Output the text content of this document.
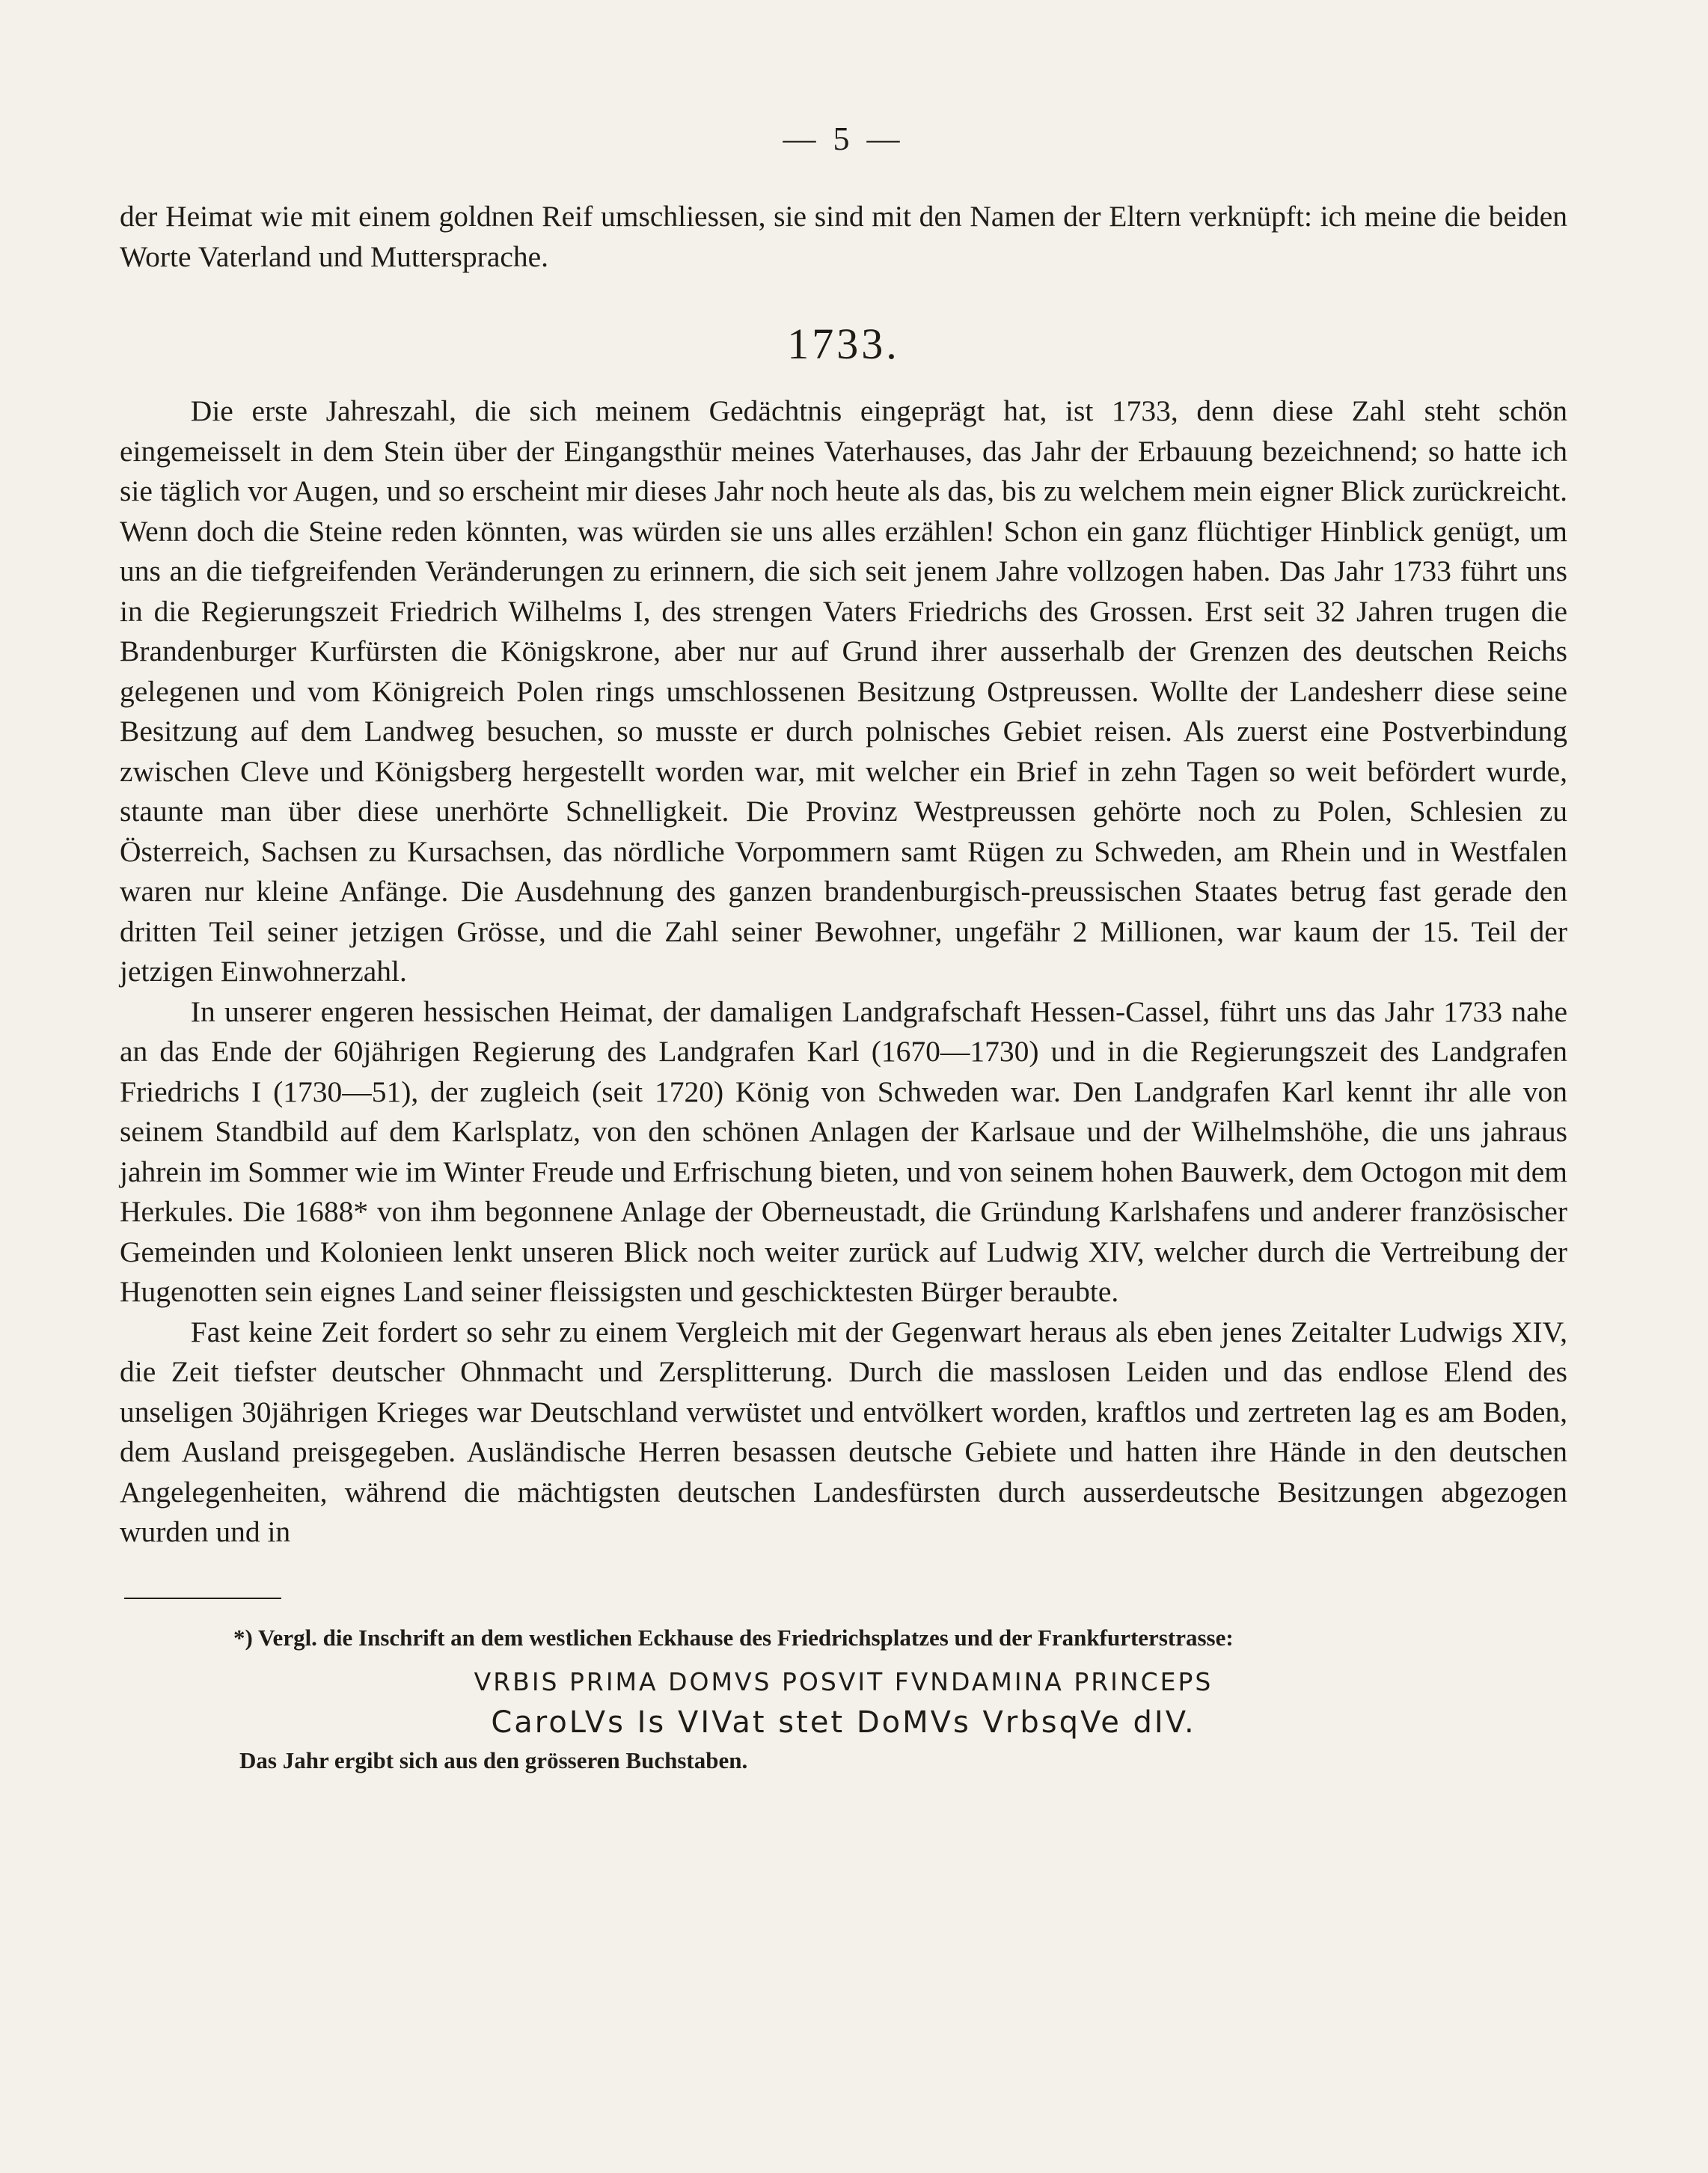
— 5 —

der Heimat wie mit einem goldnen Reif umschliessen, sie sind mit den Namen der Eltern verknüpft: ich meine die beiden Worte Vaterland und Muttersprache.

1733.

Die erste Jahreszahl, die sich meinem Gedächtnis eingeprägt hat, ist 1733, denn diese Zahl steht schön eingemeisselt in dem Stein über der Eingangsthür meines Vaterhauses, das Jahr der Erbauung bezeichnend; so hatte ich sie täglich vor Augen, und so erscheint mir dieses Jahr noch heute als das, bis zu welchem mein eigner Blick zurückreicht. Wenn doch die Steine reden könnten, was würden sie uns alles erzählen! Schon ein ganz flüchtiger Hinblick genügt, um uns an die tiefgreifenden Veränderungen zu erinnern, die sich seit jenem Jahre vollzogen haben. Das Jahr 1733 führt uns in die Regierungszeit Friedrich Wilhelms I, des strengen Vaters Friedrichs des Grossen. Erst seit 32 Jahren trugen die Brandenburger Kurfürsten die Königskrone, aber nur auf Grund ihrer ausserhalb der Grenzen des deutschen Reichs gelegenen und vom Königreich Polen rings umschlossenen Besitzung Ostpreussen. Wollte der Landesherr diese seine Besitzung auf dem Landweg besuchen, so musste er durch polnisches Gebiet reisen. Als zuerst eine Postverbindung zwischen Cleve und Königsberg hergestellt worden war, mit welcher ein Brief in zehn Tagen so weit befördert wurde, staunte man über diese unerhörte Schnelligkeit. Die Provinz Westpreussen gehörte noch zu Polen, Schlesien zu Österreich, Sachsen zu Kursachsen, das nördliche Vorpommern samt Rügen zu Schweden, am Rhein und in Westfalen waren nur kleine Anfänge. Die Ausdehnung des ganzen brandenburgisch-preussischen Staates betrug fast gerade den dritten Teil seiner jetzigen Grösse, und die Zahl seiner Bewohner, ungefähr 2 Millionen, war kaum der 15. Teil der jetzigen Einwohnerzahl.

In unserer engeren hessischen Heimat, der damaligen Landgrafschaft Hessen-Cassel, führt uns das Jahr 1733 nahe an das Ende der 60jährigen Regierung des Landgrafen Karl (1670—1730) und in die Regierungszeit des Landgrafen Friedrichs I (1730—51), der zugleich (seit 1720) König von Schweden war. Den Landgrafen Karl kennt ihr alle von seinem Standbild auf dem Karlsplatz, von den schönen Anlagen der Karlsaue und der Wilhelmshöhe, die uns jahraus jahrein im Sommer wie im Winter Freude und Erfrischung bieten, und von seinem hohen Bauwerk, dem Octogon mit dem Herkules. Die 1688* von ihm begonnene Anlage der Oberneustadt, die Gründung Karlshafens und anderer französischer Gemeinden und Kolonieen lenkt unseren Blick noch weiter zurück auf Ludwig XIV, welcher durch die Vertreibung der Hugenotten sein eignes Land seiner fleissigsten und geschicktesten Bürger beraubte.

Fast keine Zeit fordert so sehr zu einem Vergleich mit der Gegenwart heraus als eben jenes Zeitalter Ludwigs XIV, die Zeit tiefster deutscher Ohnmacht und Zersplitterung. Durch die masslosen Leiden und das endlose Elend des unseligen 30jährigen Krieges war Deutschland verwüstet und entvölkert worden, kraftlos und zertreten lag es am Boden, dem Ausland preisgegeben. Ausländische Herren besassen deutsche Gebiete und hatten ihre Hände in den deutschen Angelegenheiten, während die mächtigsten deutschen Landesfürsten durch ausserdeutsche Besitzungen abgezogen wurden und in

*) Vergl. die Inschrift an dem westlichen Eckhause des Friedrichsplatzes und der Frankfurterstrasse:
VRBIS PRIMA DOMVS POSVIT FVNDAMINA PRINCEPS
CaroLVs Is VIVat stet DoMVs VrbsqVe dIV.
Das Jahr ergibt sich aus den grösseren Buchstaben.
